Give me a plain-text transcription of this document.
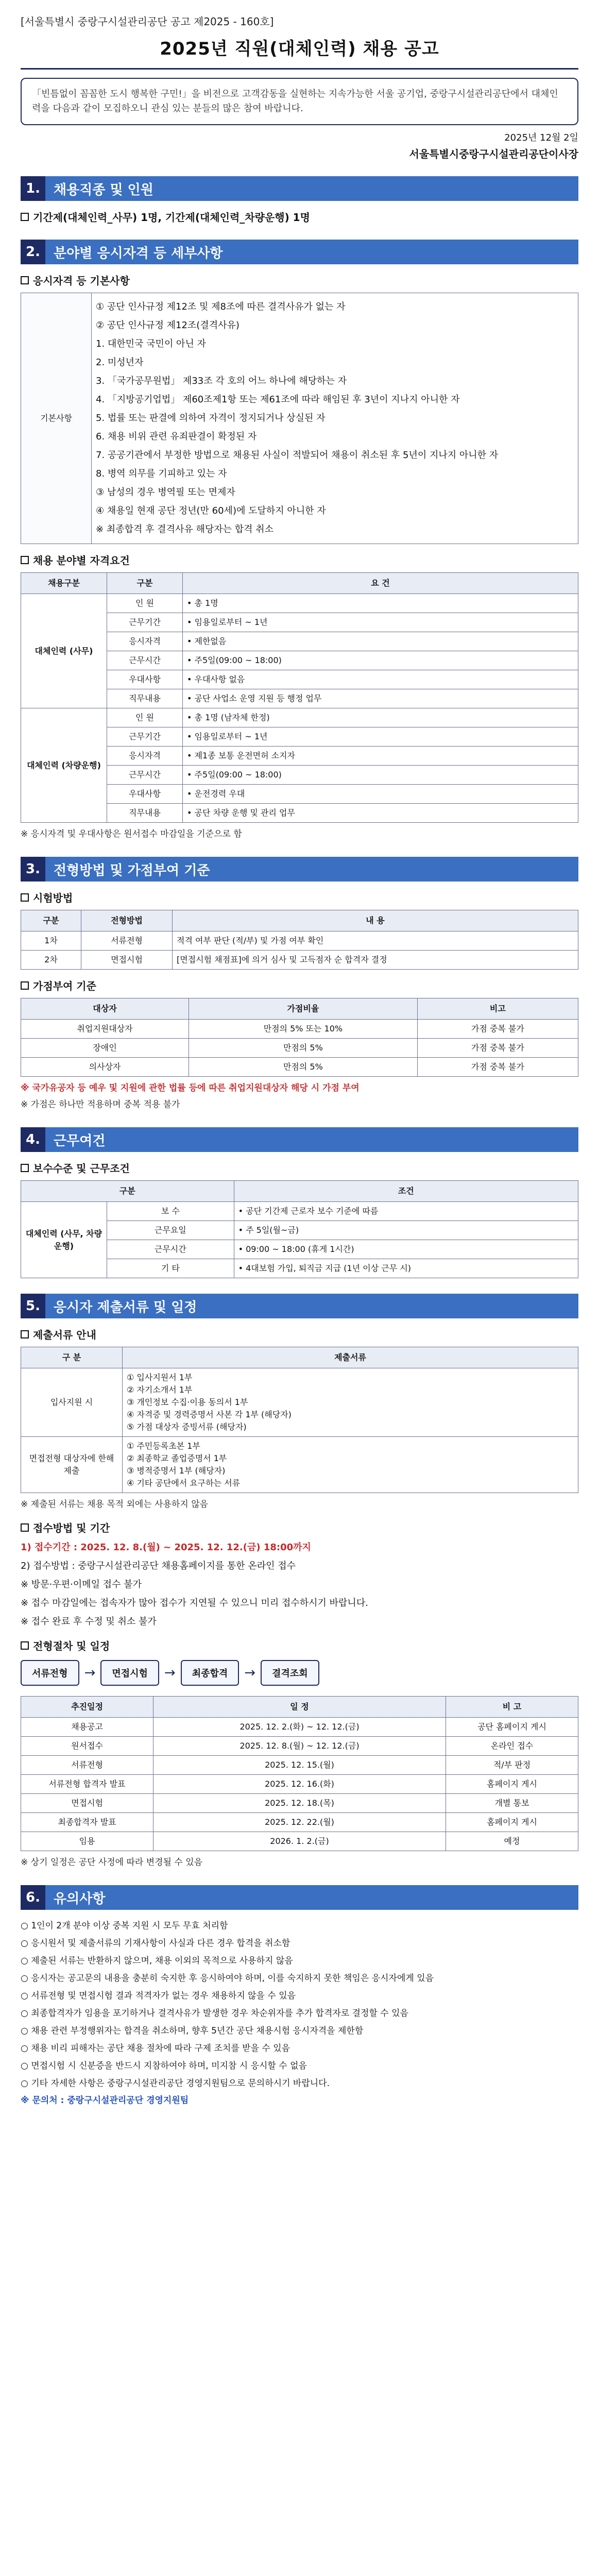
[서울특별시 중랑구시설관리공단 공고 제2025 - 160호]
2025년 직원(대체인력) 채용 공고
「빈틈없이 꼼꼼한 도시 행복한 구민!」을 비전으로 고객감동을 실현하는 지속가능한 서울 공기업, 중랑구시설관리공단에서 대체인력을 다음과 같이 모집하오니 관심 있는 분들의 많은 참여 바랍니다.
2025년 12월 2일
서울특별시중랑구시설관리공단이사장
1.	채용직종 및 인원
기간제(대체인력_사무) 1명, 기간제(대체인력_차량운행) 1명
2.	분야별 응시자격 등 세부사항
응시자격 등 기본사항
기본사항	
① 공단 인사규정 제12조 및 제8조에 따른 결격사유가 없는 자
② 공단 인사규정 제12조(결격사유)
1. 대한민국 국민이 아닌 자
2. 미성년자
3. 「국가공무원법」 제33조 각 호의 어느 하나에 해당하는 자
4. 「지방공기업법」 제60조제1항 또는 제61조에 따라 해임된 후 3년이 지나지 아니한 자
5. 법률 또는 판결에 의하여 자격이 정지되거나 상실된 자
6. 채용 비위 관련 유죄판결이 확정된 자
7. 공공기관에서 부정한 방법으로 채용된 사실이 적발되어 채용이 취소된 후 5년이 지나지 아니한 자
8. 병역 의무를 기피하고 있는 자
③ 남성의 경우 병역필 또는 면제자
④ 채용일 현재 공단 정년(만 60세)에 도달하지 아니한 자
※ 최종합격 후 결격사유 해당자는 합격 취소
채용 분야별 자격요건
채용구분	구분	요 건
대체인력 (사무)	인 원	• 총 1명
	근무기간	• 임용일로부터 ~ 1년
	응시자격	• 제한없음
	근무시간	• 주5일(09:00 ~ 18:00)
	우대사항	• 우대사항 없음
	직무내용	• 공단 사업소 운영 지원 등 행정 업무
대체인력 (차량운행)	인 원	• 총 1명 (남자체 한정)
	근무기간	• 임용일로부터 ~ 1년
	응시자격	• 제1종 보통 운전면허 소지자
	근무시간	• 주5일(09:00 ~ 18:00)
	우대사항	• 운전경력 우대
	직무내용	• 공단 차량 운행 및 관리 업무
※ 응시자격 및 우대사항은 원서접수 마감일을 기준으로 함
3.	전형방법 및 가점부여 기준
시험방법
구분	전형방법	내 용
1차	서류전형	적격 여부 판단 (적/부) 및 가점 여부 확인
2차	면접시험	[면접시험 채점표]에 의거 심사 및 고득점자 순 합격자 결정
가점부여 기준
대상자	가점비율	비고
취업지원대상자	만점의 5% 또는 10%	가점 중복 불가
장애인	만점의 5%	가점 중복 불가
의사상자	만점의 5%	가점 중복 불가
※ 국가유공자 등 예우 및 지원에 관한 법률 등에 따른 취업지원대상자 해당 시 가점 부여
※ 가점은 하나만 적용하며 중복 적용 불가
4.	근무여건
보수수준 및 근무조건
구분		조건
대체인력 (사무, 차량운행)	보 수	• 공단 기간제 근로자 보수 기준에 따름
	근무요일	• 주 5일(월~금)
	근무시간	• 09:00 ~ 18:00 (휴게 1시간)
	기 타	• 4대보험 가입, 퇴직금 지급 (1년 이상 근무 시)
5.	응시자 제출서류 및 일정
제출서류 안내
구 분	제출서류
입사지원 시	① 입사지원서 1부
② 자기소개서 1부
③ 개인정보 수집·이용 동의서 1부
④ 자격증 및 경력증명서 사본 각 1부 (해당자)
⑤ 가점 대상자 증빙서류 (해당자)

면접전형 대상자에 한해 제출	① 주민등록초본 1부
② 최종학교 졸업증명서 1부
③ 병적증명서 1부 (해당자)
④ 기타 공단에서 요구하는 서류
※ 제출된 서류는 채용 목적 외에는 사용하지 않음
접수방법 및 기간
1) 접수기간 : 2025. 12. 8.(월) ~ 2025. 12. 12.(금) 18:00까지
2) 접수방법 : 중랑구시설관리공단 채용홈페이지를 통한 온라인 접수
※ 방문·우편·이메일 접수 불가
※ 접수 마감일에는 접속자가 많아 접수가 지연될 수 있으니 미리 접수하시기 바랍니다.
※ 접수 완료 후 수정 및 취소 불가
전형절차 및 일정
서류전형	→	면접시험	→	최종합격	→	결격조회
추진일정	일 정	비 고
채용공고	2025. 12. 2.(화) ~ 12. 12.(금)	공단 홈페이지 게시
원서접수	2025. 12. 8.(월) ~ 12. 12.(금)	온라인 접수
서류전형	2025. 12. 15.(월)	적/부 판정
서류전형 합격자 발표	2025. 12. 16.(화)	홈페이지 게시
면접시험	2025. 12. 18.(목)	개별 통보
최종합격자 발표	2025. 12. 22.(월)	홈페이지 게시
임용	2026. 1. 2.(금)	예정
※ 상기 일정은 공단 사정에 따라 변경될 수 있음
6.	유의사항
○ 1인이 2개 분야 이상 중복 지원 시 모두 무효 처리함
○ 응시원서 및 제출서류의 기재사항이 사실과 다른 경우 합격을 취소함
○ 제출된 서류는 반환하지 않으며, 채용 이외의 목적으로 사용하지 않음
○ 응시자는 공고문의 내용을 충분히 숙지한 후 응시하여야 하며, 이를 숙지하지 못한 책임은 응시자에게 있음
○ 서류전형 및 면접시험 결과 적격자가 없는 경우 채용하지 않을 수 있음
○ 최종합격자가 임용을 포기하거나 결격사유가 발생한 경우 차순위자를 추가 합격자로 결정할 수 있음
○ 채용 관련 부정행위자는 합격을 취소하며, 향후 5년간 공단 채용시험 응시자격을 제한함
○ 채용 비리 피해자는 공단 채용 절차에 따라 구제 조치를 받을 수 있음
○ 면접시험 시 신분증을 반드시 지참하여야 하며, 미지참 시 응시할 수 없음
○ 기타 자세한 사항은 중랑구시설관리공단 경영지원팀으로 문의하시기 바랍니다.
※ 문의처 : 중랑구시설관리공단 경영지원팀
